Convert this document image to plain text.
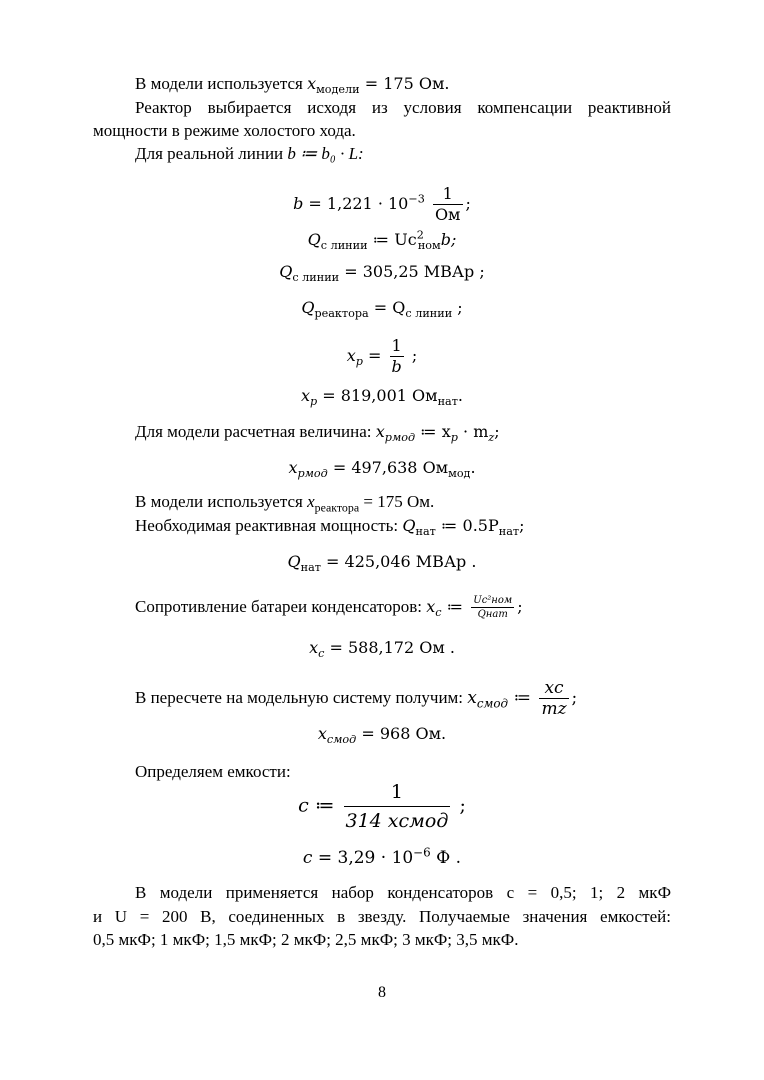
В модели используется $x_{модели} = 175$ Ом.
Реактор выбирается исходя из условия компенсации реактивной
мощности в режиме холостого хода.
Для реальной линии b ≔ b₀ · L:
$b = 1,221 \cdot 10^{-3} \frac{1}{Ом}$ ;
$Q_{с линии}$ ≔ $Uc^2_{ном}b$;
$Q_{с линии} = 305,25$ МВАр ;
$Q_{реактора} = Q_{с линии}$ ;
$x_p = \frac{1}{b}$ ;
$x_p = 819,001$ $Ом_{нат}$.
Для модели расчетная величина: $x_{pмод}$ ≔ $x_p \cdot m_z$;
$x_{pмод} = 497,638$ $Ом_{мод}$.
В модели используется $x_{реактора} = 175$ Ом.
Необходимая реактивная мощность: $Q_{нат}$ ≔ $0.5P_{нат}$;
$Q_{нат} = 425,046$ МВАр .
Сопротивление батареи конденсаторов: $x_c$ ≔ $\frac{\text{Uc²ном}}{\text{Qнат}}$ ;
$x_c = 588,172$ Ом .
В пересчете на модельную систему получим: $x_{cмод}$ ≔ $\frac{xc}{mz}$ ;
$x_{cмод} = 968$ Ом.
Определяем емкости:
c ≔ $\frac{1}{\text{314 xcмод}}$ ;
$c = 3,29 \cdot 10^{-6}$ Ф .
В модели применяется набор конденсаторов c = 0,5; 1; 2 мкФ
и U = 200 В, соединенных в звезду. Получаемые значения емкостей:
0,5 мкФ; 1 мкФ; 1,5 мкФ; 2 мкФ; 2,5 мкФ; 3 мкФ; 3,5 мкФ.
8
